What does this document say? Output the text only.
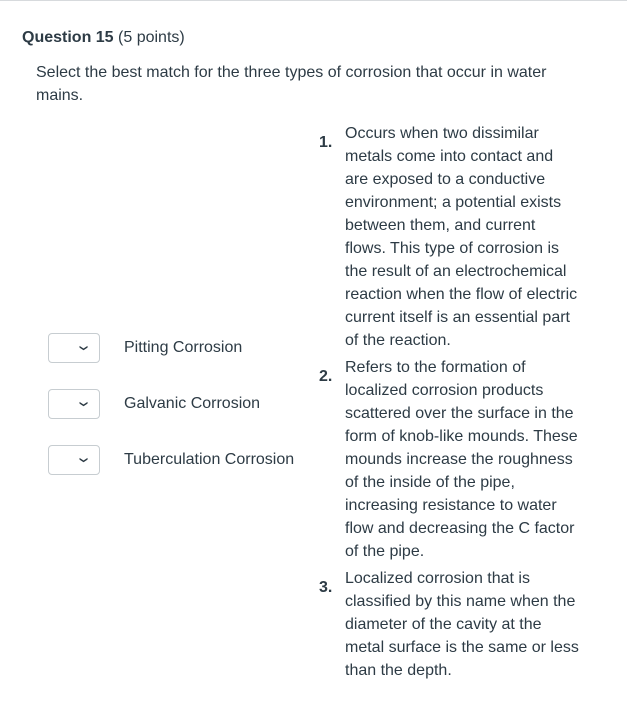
Question 15 (5 points)
Select the best match for the three types of corrosion that occur in water mains.
❯ Pitting Corrosion
❯ Galvanic Corrosion
❯ Tuberculation Corrosion
1.
Occurs when two dissimilar metals come into contact and are exposed to a conductive environment; a potential exists between them, and current flows. This type of corrosion is the result of an electrochemical reaction when the flow of electric current itself is an essential part of the reaction.
2.
Refers to the formation of localized corrosion products scattered over the surface in the form of knob-like mounds. These mounds increase the roughness of the inside of the pipe, increasing resistance to water flow and decreasing the C factor of the pipe.
3.
Localized corrosion that is classified by this name when the diameter of the cavity at the metal surface is the same or less than the depth.
